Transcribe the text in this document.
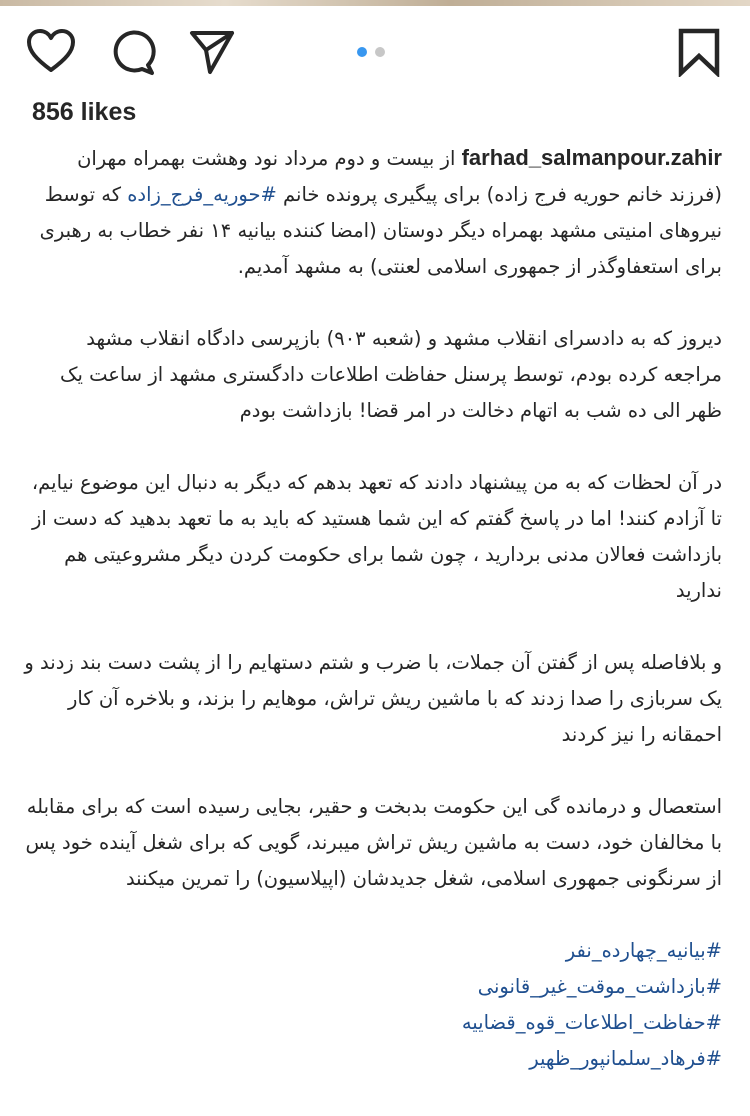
856 likes

farhad_salmanpour.zahir از بیست و دوم مرداد نود وهشت بهمراه مهران (فرزند خانم حوریه فرج زاده) برای پیگیری پرونده خانم #حوریه_فرج_زاده که توسط نیروهای امنیتی مشهد بهمراه دیگر دوستان (امضا کننده بیانیه ۱۴ نفر خطاب به رهبری برای استعفاوگذر از جمهوری اسلامی لعنتی) به مشهد آمدیم.

دیروز که به دادسرای انقلاب مشهد و (شعبه ۹۰۳) بازپرسی دادگاه انقلاب مشهد مراجعه کرده بودم، توسط پرسنل حفاظت اطلاعات دادگستری مشهد از ساعت یک ظهر الی ده شب به اتهام دخالت در امر قضا! بازداشت بودم

در آن لحظات که به من پیشنهاد دادند که تعهد بدهم که دیگر به دنبال این موضوع نیایم، تا آزادم کنند! اما در پاسخ گفتم که این شما هستید که باید به ما تعهد بدهید که دست از بازداشت فعالان مدنی بردارید ، چون شما برای حکومت کردن دیگر مشروعیتی هم ندارید

و بلافاصله پس از گفتن آن جملات، با ضرب و شتم دستهایم را از پشت دست بند زدند و یک سربازی را صدا زدند که با ماشین ریش تراش، موهایم را بزند، و بلاخره آن کار احمقانه را نیز کردند

استعصال و درمانده گی این حکومت بدبخت و حقیر، بجایی رسیده است که برای مقابله با مخالفان خود، دست به ماشین ریش تراش میبرند، گویی که برای شغل آینده خود پس از سرنگونی جمهوری اسلامی، شغل جدیدشان (اپیلاسیون) را تمرین میکنند

#بیانیه_چهارده_نفر

#بازداشت_موقت_غیر_قانونی

#حفاظت_اطلاعات_قوه_قضاییه

#فرهاد_سلمانپور_ظهیر
